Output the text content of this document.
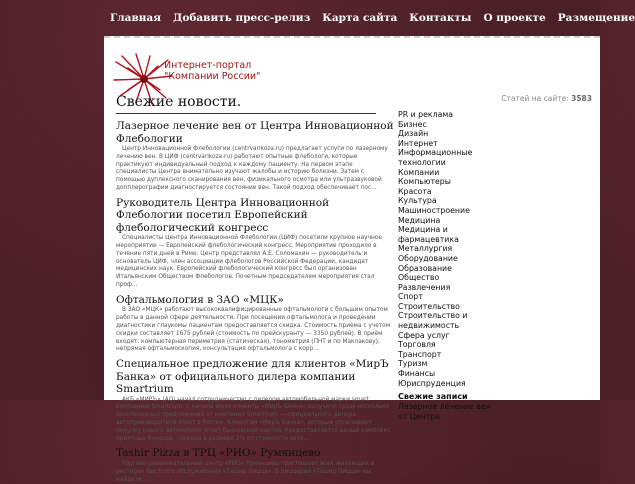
Главная Добавить пресс-релиз Карта сайта Контакты О проекте Размещение
Интернет-портал
"Компании России"
Статей на сайте: 3583
Свежие новости.
Лазерное лечение вен от Центра Инновационной Флебологии

Центр Инновационной Флебологии (centrvarikoza.ru) предлагает услуги по лазерному лечению вен. В ЦИФ (centrvarikoza.ru) работают опытные флебологи, которые практикуют индивидуальный подход к каждому пациенту. На первом этапе специалисты Центра внимательно изучают жалобы и историю болезни. Затем с помощью дуплексного сканирования вен, физикального осмотра или ультразвуковой допплерографии диагностируется состояние вен. Такой подход обеспечивает пос...

Руководитель Центра Инновационной Флебологии посетил Европейский флебологический конгресс

Специалисты Центра Инновационной Флебологии (ЦИФ) посетили крупное научное мероприятие — Европейский флебологический конгресс. Мероприятие проходило в течение пяти дней в Риме. Центр представлял А.Е. Соломахин — руководитель и основатель ЦИФ, член ассоциации флебологов Российской Федерации, кандидат медицинских наук. Европейский флебологический конгресс был организован Итальянским Обществом Флебологов. Почетным председателем мероприятия стал проф...

Офтальмология в ЗАО «МЦК»

В ЗАО «МЦК» работают высококвалифицированные офтальмологи с большим опытом работы в данной сфере деятельности. При посещении офтальмолога и проведении диагностики глаукомы пациентам предоставляется скидка. Стоимость приема с учетом скидки составляет 1675 рублей (стоимость по прейскуранту — 3350 рублей). В приём входят: компьютерная периметрия (статическая), тонометрия (ПНТ и по Маклакову), непрямая офтальмоскопия, консультация офтальмолога с корр...

Специальное предложение для клиентов «МирЪ Банка» от официального дилера компании Smartrium

АКБ «МИРЪ» (АО) начал сотрудничество с дилером автомобильной марки smart компанией Smartrium. С начала июля клиенты «МирЪ Банка» получили сразу несколько эксклюзивных предложений от компании Smartrium — официального дилера автопроизводителя smart в России. Клиентам «МирЪ Банка», которые оплачивают покупку нового автомобиля smart банковской картой, предоставляется целый комплекс приятных бонусов: - скидка в размере 2% от стоимости авто...

Tashir Pizza в ТРЦ «РИО» Румянцево

Торгово-развлекательный центр «РИО» Румянцево приглашает всех желающих в ресторан быстрого обслуживания «Ташир Пицца». В пиццерии «Ташир Пицца» вы найдете...

PR и реклама
Бизнес
Дизайн
Интернет
Информационные технологии
Компании
Компьютеры
Красота
Культура
Машиностроение
Медицина
Медицина и фармацевтика
Металлургия
Оборудование
Образование
Общество
Развлечения
Спорт
Строительство
Строительство и недвижимость
Сфера услуг
Торговля
Транспорт
Туризм
Финансы
Юриспруденция
Свежие записи
Лазерное лечение вен от Центра
